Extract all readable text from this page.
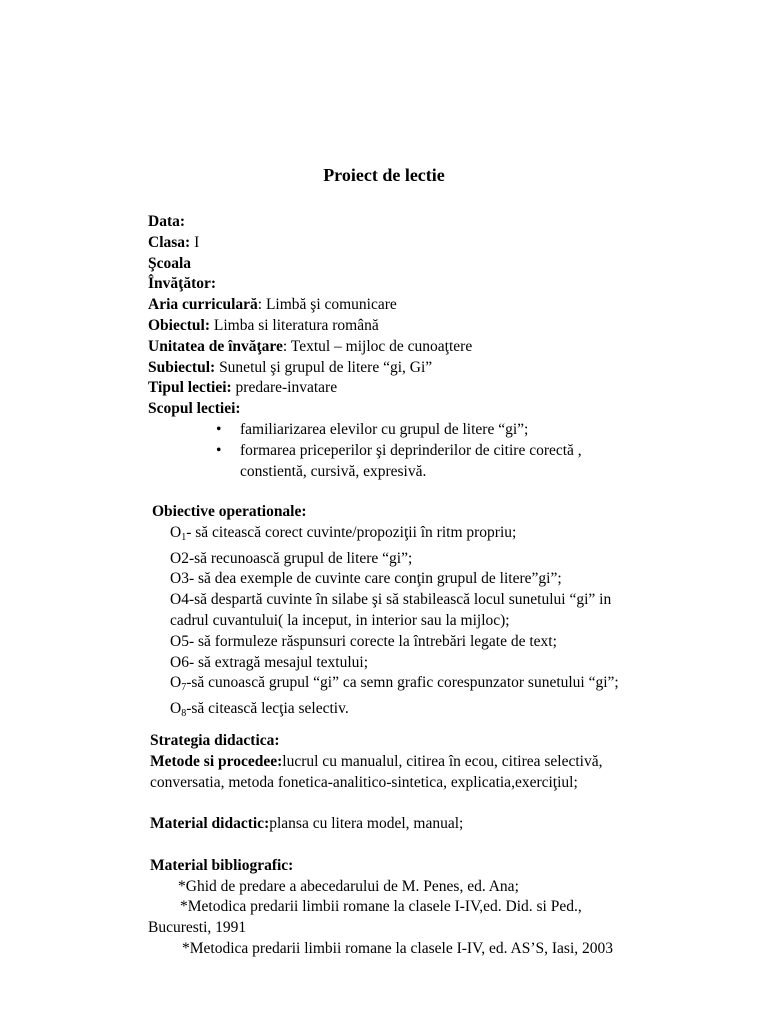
Proiect de lectie
Data:
Clasa: I
Şcoala
Învăţător:
Aria curriculară: Limbă şi comunicare
Obiectul: Limba si literatura română
Unitatea de învăţare: Textul – mijloc de cunoaţtere
Subiectul: Sunetul şi grupul de litere “gi, Gi”
Tipul lectiei: predare-invatare
Scopul lectiei:
• familiarizarea elevilor cu grupul de litere “gi”;
• formarea priceperilor şi deprinderilor de citire corectă ,
constientă, cursivă, expresivă.
Obiective operationale:
$O_1-$ să citească corect cuvinte/propoziţii în ritm propriu;
O2-să recunoască grupul de litere “gi”;
O3- să dea exemple de cuvinte care conţin grupul de litere”gi”;
O4-să despartă cuvinte în silabe şi să stabilească locul sunetului “gi” in
cadrul cuvantului( la inceput, in interior sau la mijloc);
O5- să formuleze răspunsuri corecte la întrebări legate de text;
O6- să extragă mesajul textului;
$O_7-să$ cunoască grupul “gi” ca semn grafic corespunzator sunetului “gi”;
$O_8-să$ citească lecţia selectiv.
Strategia didactica:
Metode si procedee:lucrul cu manualul, citirea în ecou, citirea selectivă,
conversatia, metoda fonetica-analitico-sintetica, explicatia,exerciţiul;
Material didactic:plansa cu litera model, manual;
Material bibliografic:
*Ghid de predare a abecedarului de M. Penes, ed. Ana;
*Metodica predarii limbii romane la clasele I-IV,ed. Did. si Ped.,
Bucuresti, 1991
*Metodica predarii limbii romane la clasele I-IV, ed. AS’S, Iasi, 2003
